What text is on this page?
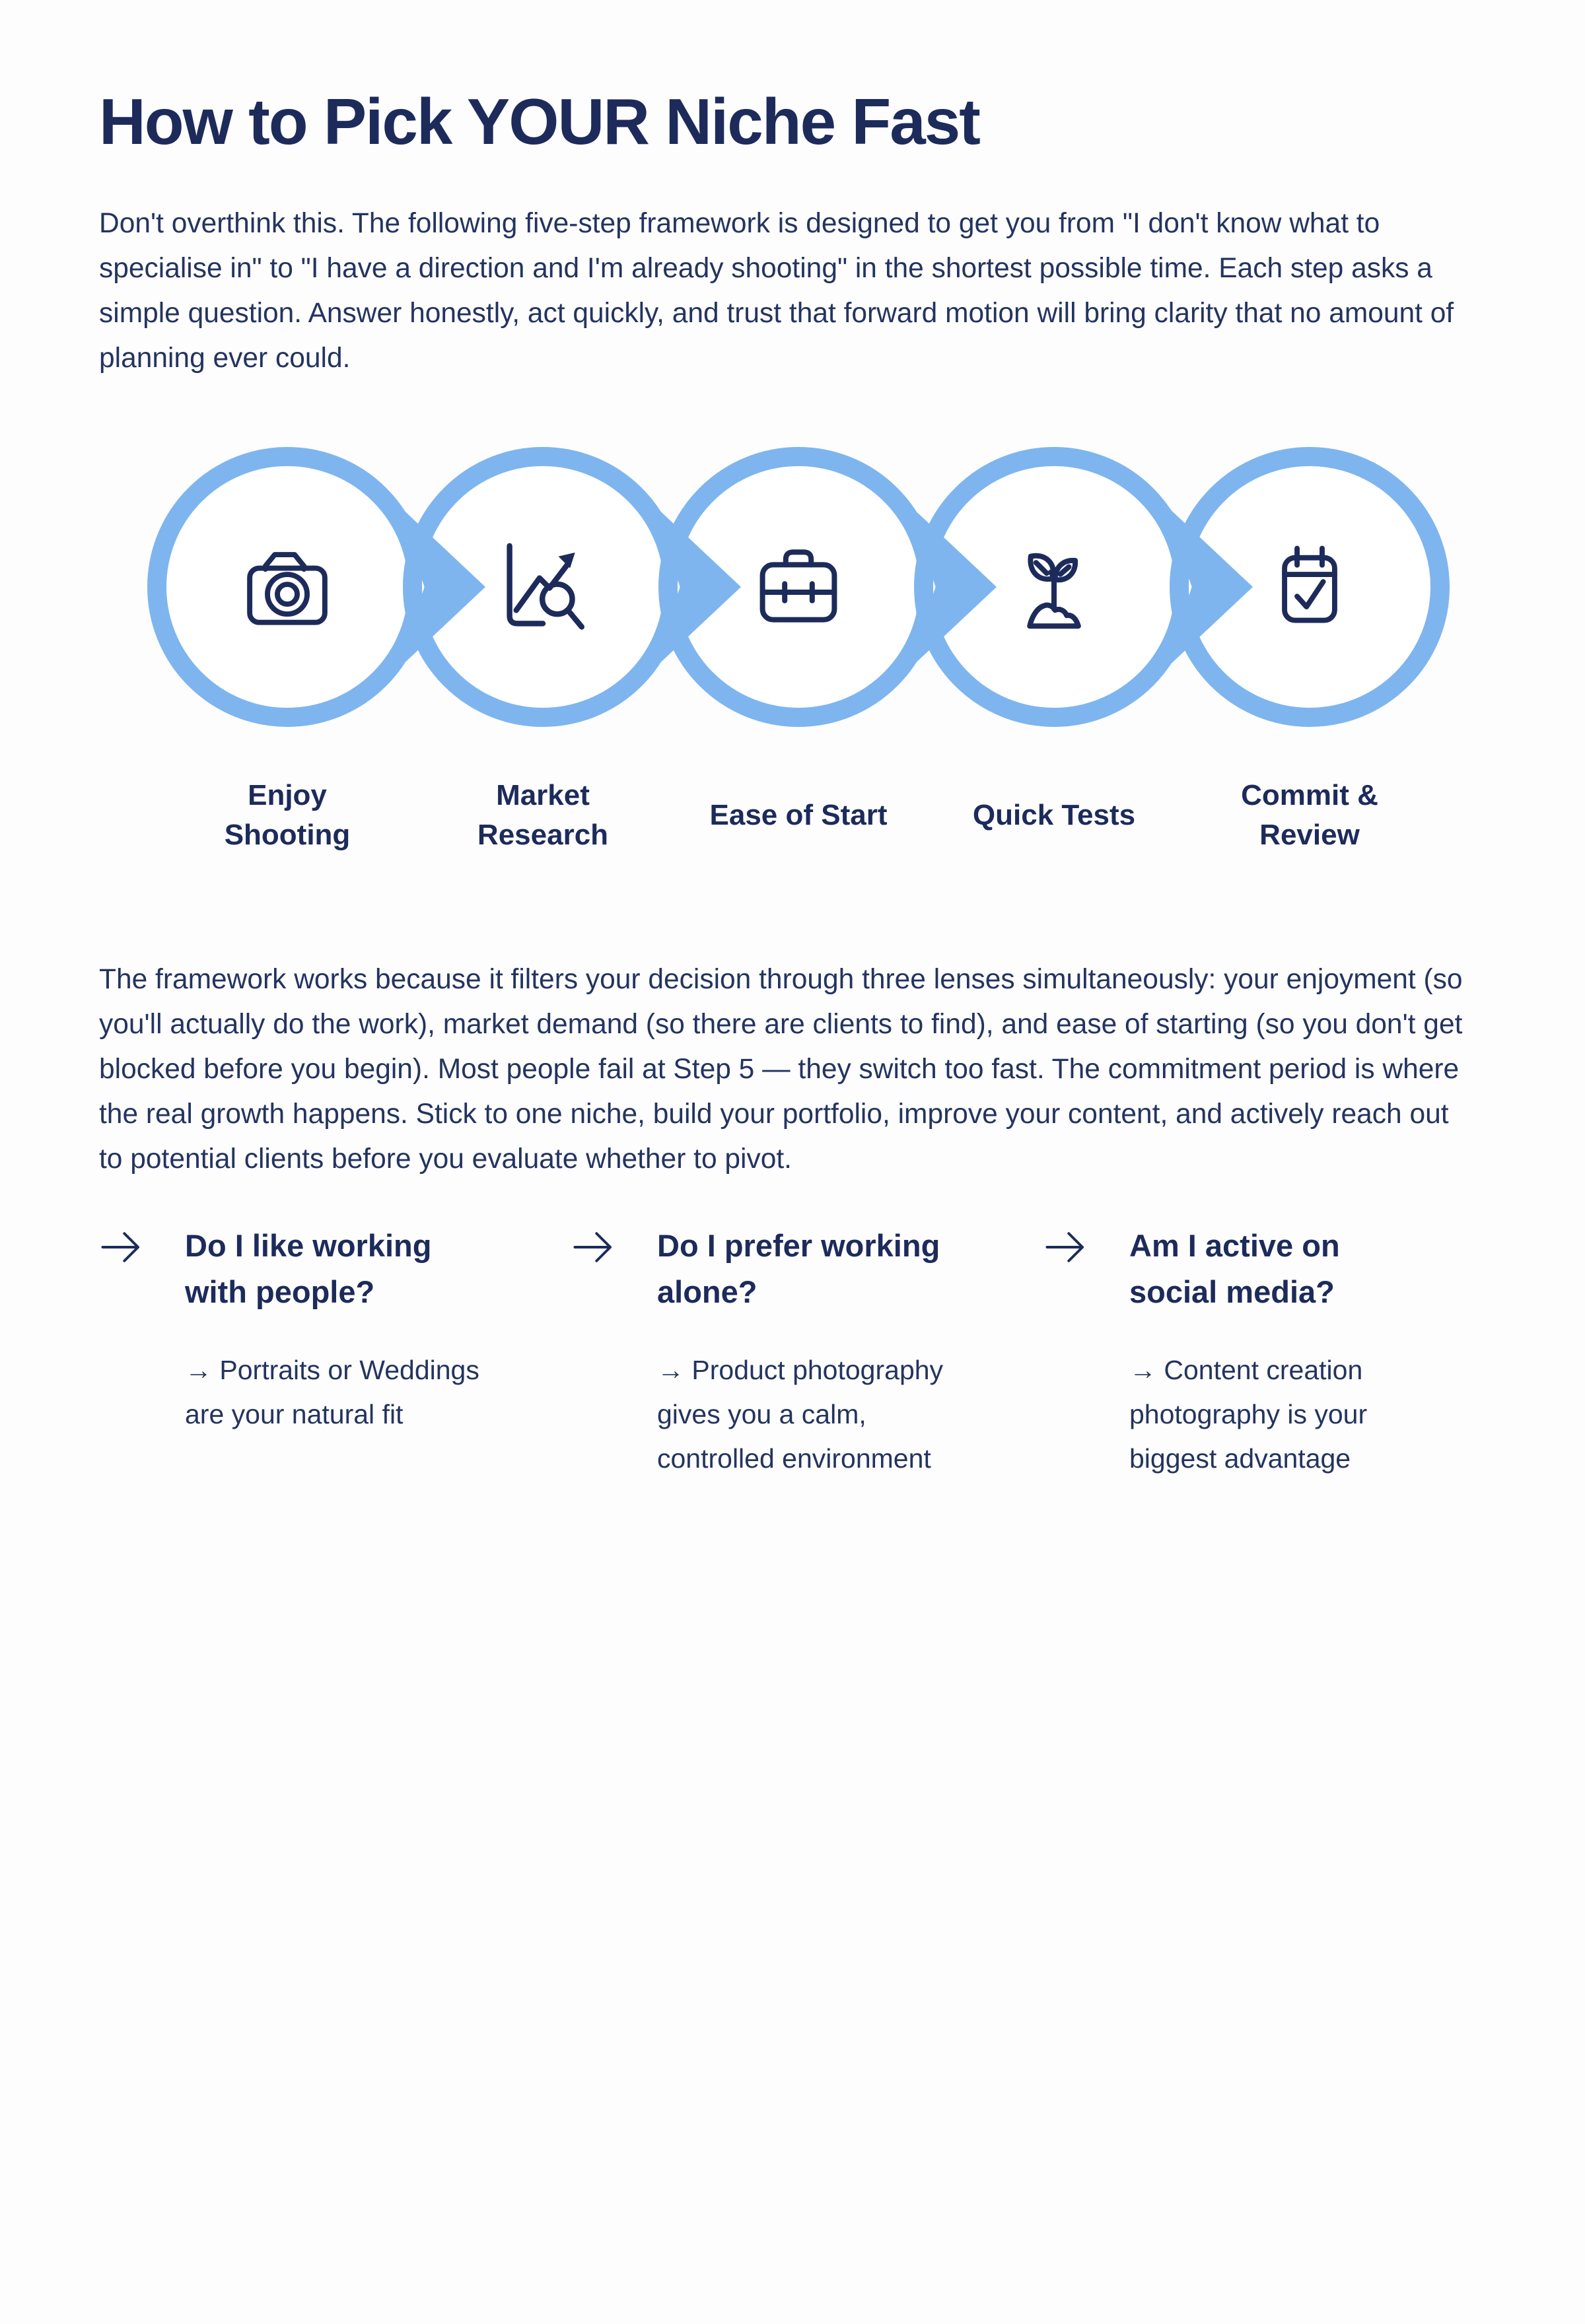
How to Pick YOUR Niche Fast

Don't overthink this. The following five-step framework is designed to get you from "I don't know what to specialise in" to "I have a direction and I'm already shooting" in the shortest possible time. Each step asks a simple question. Answer honestly, act quickly, and trust that forward motion will bring clarity that no amount of planning ever could.

Enjoy
Shooting
Market
Research
Ease of Start	Quick Tests
Commit &
Review

The framework works because it filters your decision through three lenses simultaneously: your enjoyment (so you'll actually do the work), market demand (so there are clients to find), and ease of starting (so you don't get blocked before you begin). Most people fail at Step 5 — they switch too fast. The commitment period is where the real growth happens. Stick to one niche, build your portfolio, improve your content, and actively reach out to potential clients before you evaluate whether to pivot.

Do I like working
with people?

→ Portraits or Weddings
are your natural fit

Do I prefer working
alone?

→ Product photography
gives you a calm,
controlled environment

Am I active on
social media?

→ Content creation
photography is your
biggest advantage
